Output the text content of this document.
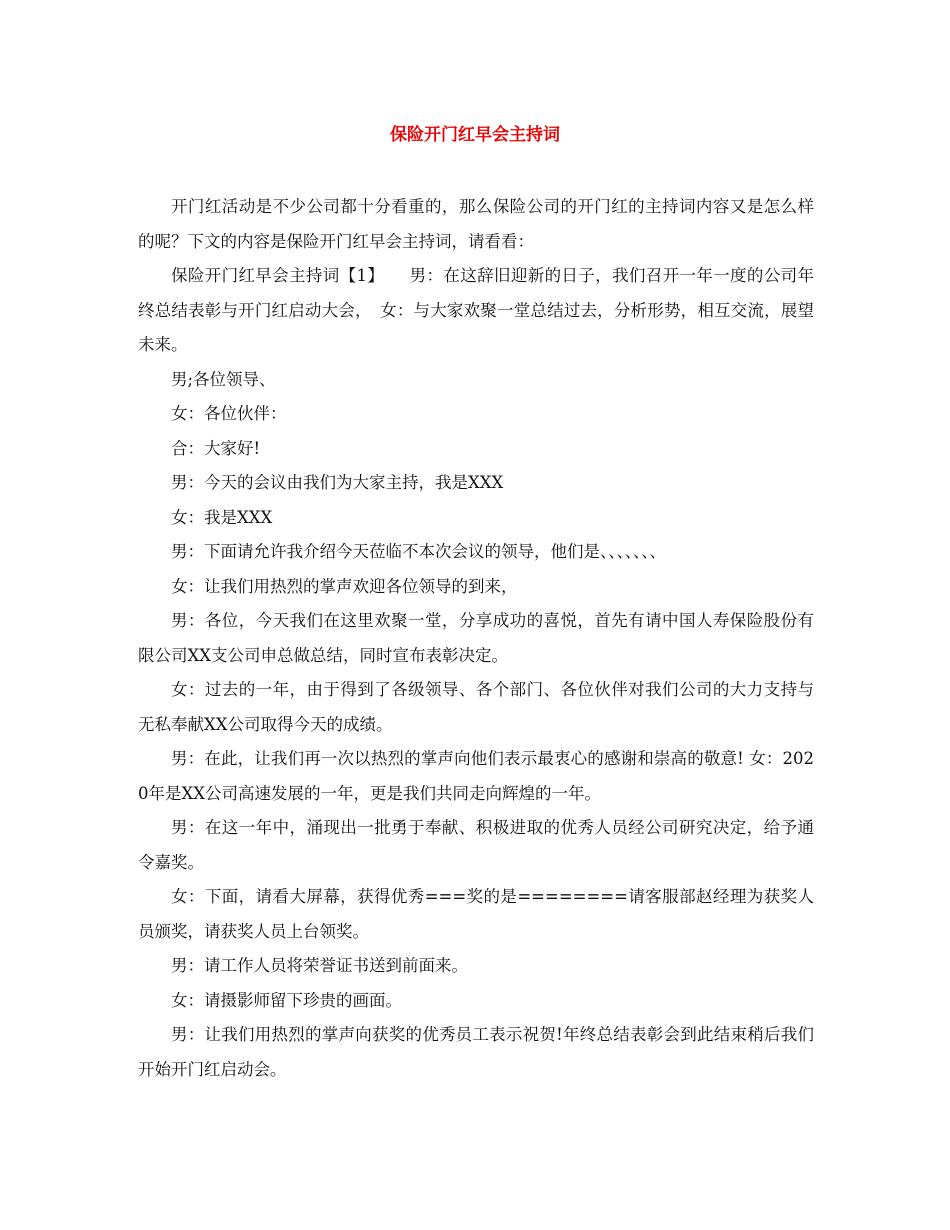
保险开门红早会主持词

开门红活动是不少公司都十分看重的，那么保险公司的开门红的主持词内容又是怎么样的呢？下文的内容是保险开门红早会主持词，请看看：

保险开门红早会主持词【1】　　男：在这辞旧迎新的日子，我们召开一年一度的公司年终总结表彰与开门红启动大会，　女：与大家欢聚一堂总结过去，分析形势，相互交流，展望未来。

男;各位领导、

女：各位伙伴：

合：大家好!

男：今天的会议由我们为大家主持，我是XXX

女：我是XXX

男：下面请允许我介绍今天莅临不本次会议的领导，他们是、、、、、、、

女：让我们用热烈的掌声欢迎各位领导的到来，

男：各位，今天我们在这里欢聚一堂，分享成功的喜悦，首先有请中国人寿保险股份有限公司XX支公司申总做总结，同时宣布表彰决定。

女：过去的一年，由于得到了各级领导、各个部门、各位伙伴对我们公司的大力支持与无私奉献XX公司取得今天的成绩。

男：在此，让我们再一次以热烈的掌声向他们表示最衷心的感谢和崇高的敬意! 女：2020年是XX公司高速发展的一年，更是我们共同走向辉煌的一年。

男：在这一年中，涌现出一批勇于奉献、积极进取的优秀人员经公司研究决定，给予通令嘉奖。

女：下面，请看大屏幕，获得优秀===奖的是========请客服部赵经理为获奖人员颁奖，请获奖人员上台领奖。

男：请工作人员将荣誉证书送到前面来。

女：请摄影师留下珍贵的画面。

男：让我们用热烈的掌声向获奖的优秀员工表示祝贺!年终总结表彰会到此结束稍后我们开始开门红启动会。
